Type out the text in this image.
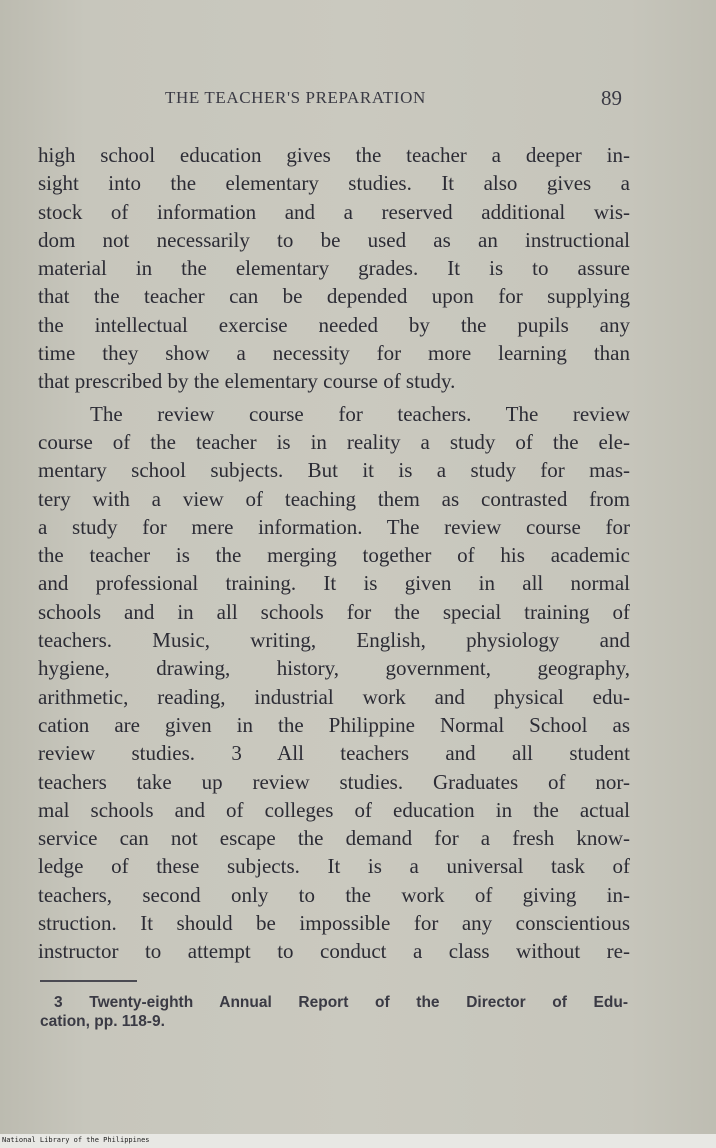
THE TEACHER'S PREPARATION	89
high school education gives the teacher a deeper in-
sight into the elementary studies. It also gives a
stock of information and a reserved additional wis-
dom not necessarily to be used as an instructional
material in the elementary grades. It is to assure
that the teacher can be depended upon for supplying
the intellectual exercise needed by the pupils any
time they show a necessity for more learning than
that prescribed by the elementary course of study.
The review course for teachers. The review
course of the teacher is in reality a study of the ele-
mentary school subjects. But it is a study for mas-
tery with a view of teaching them as contrasted from
a study for mere information. The review course for
the teacher is the merging together of his academic
and professional training. It is given in all normal
schools and in all schools for the special training of
teachers. Music, writing, English, physiology and
hygiene, drawing, history, government, geography,
arithmetic, reading, industrial work and physical edu-
cation are given in the Philippine Normal School as
review studies. 3 All teachers and all student
teachers take up review studies. Graduates of nor-
mal schools and of colleges of education in the actual
service can not escape the demand for a fresh know-
ledge of these subjects. It is a universal task of
teachers, second only to the work of giving in-
struction. It should be impossible for any conscientious
instructor to attempt to conduct a class without re-
3 Twenty-eighth Annual Report of the Director of Edu-
cation, pp. 118-9.
National Library of the Philippines
